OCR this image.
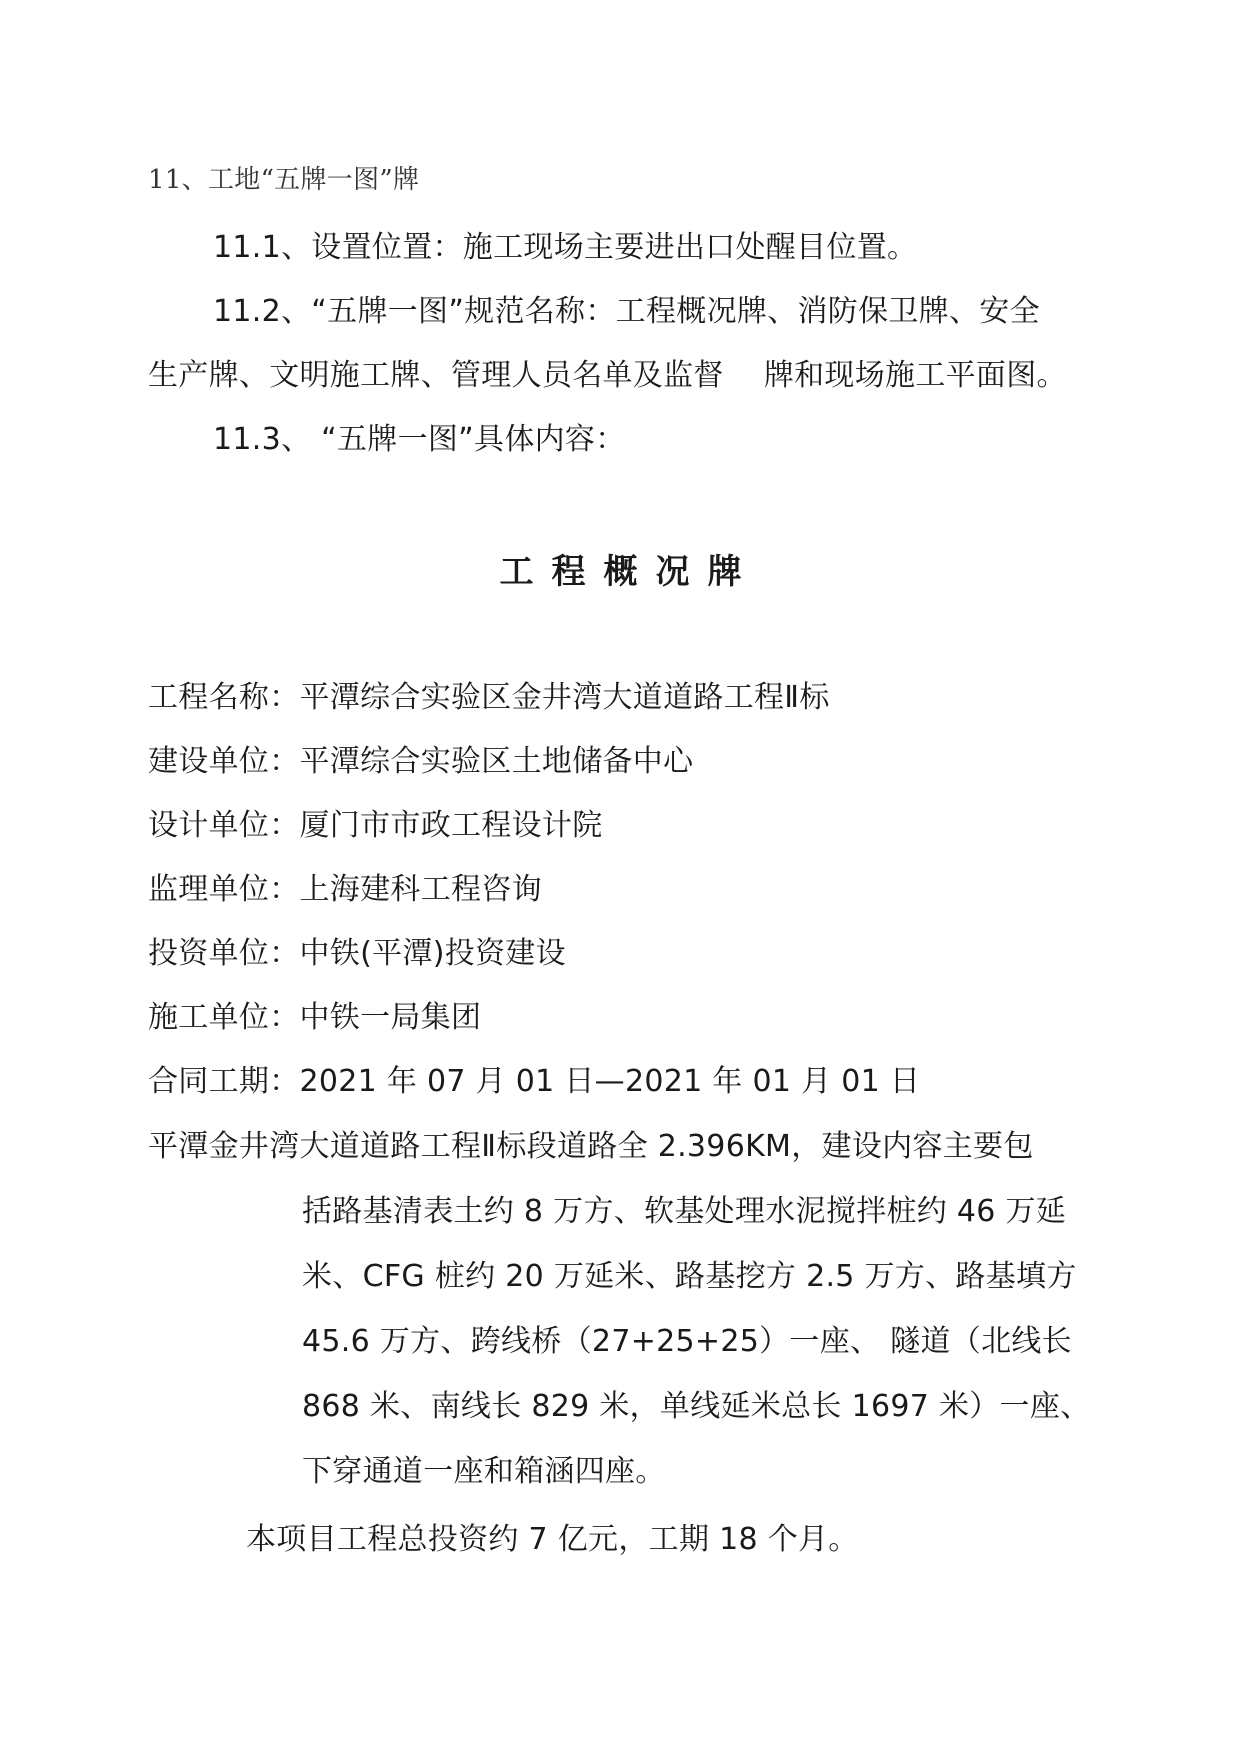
11、工地“五牌一图”牌
11.1、设置位置：施工现场主要进出口处醒目位置。
11.2、“五牌一图”规范名称：工程概况牌、消防保卫牌、安全
生产牌、文明施工牌、管理人员名单及监督　 牌和现场施工平面图。
11.3、 “五牌一图”具体内容：
工程概况牌
工程名称：平潭综合实验区金井湾大道道路工程Ⅱ标
建设单位：平潭综合实验区土地储备中心
设计单位：厦门市市政工程设计院
监理单位：上海建科工程咨询
投资单位：中铁(平潭)投资建设
施工单位：中铁一局集团
合同工期：2021 年 07 月 01 日—2021 年 01 月 01 日
平潭金井湾大道道路工程Ⅱ标段道路全 2.396KM，建设内容主要包
括路基清表土约 8 万方、软基处理水泥搅拌桩约 46 万延
米、CFG 桩约 20 万延米、路基挖方 2.5 万方、路基填方
45.6 万方、跨线桥（27+25+25）一座、 隧道（北线长
868 米、南线长 829 米，单线延米总长 1697 米）一座、
下穿通道一座和箱涵四座。
本项目工程总投资约 7 亿元，工期 18 个月。
